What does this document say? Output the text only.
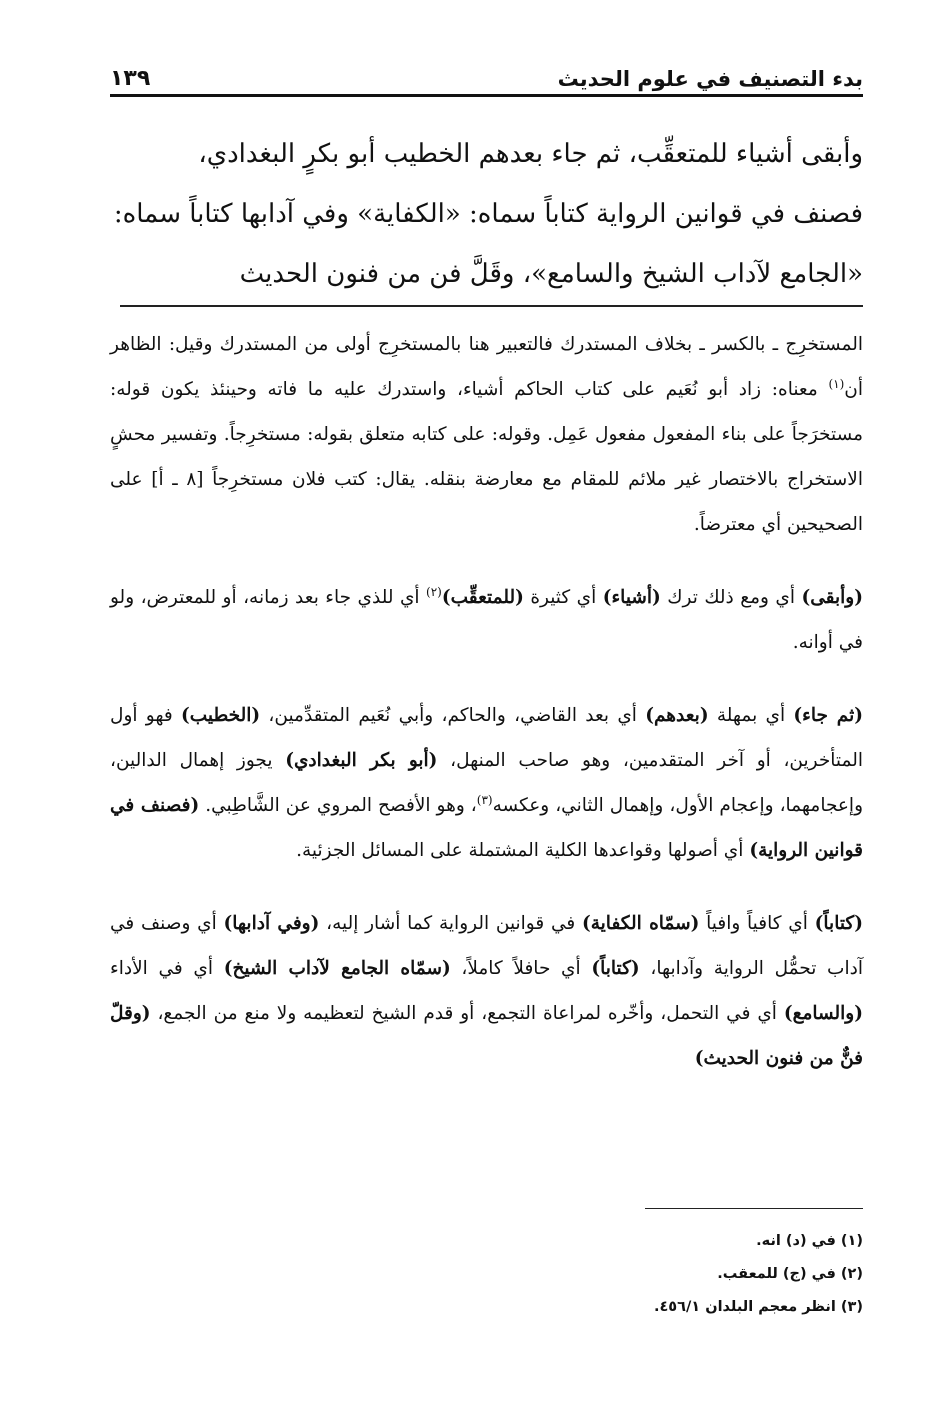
بدء التصنيف في علوم الحديث
١٣٩

وأبقى أشياء للمتعقِّب، ثم جاء بعدهم الخطيب أبو بكرٍ البغدادي،

فصنف في قوانين الرواية كتاباً سماه: «الكفاية» وفي آدابها كتاباً سماه:

«الجامع لآداب الشيخ والسامع»، وقَلَّ فن من فنون الحديث

المستخرِج ـ بالكسر ـ بخلاف المستدرك فالتعبير هنا بالمستخرِج أولى من المستدرك وقيل: الظاهر أن$^{(١)}$ معناه: زاد أبو نُعَيم على كتاب الحاكم أشياء، واستدرك عليه ما فاته وحينئذ يكون قوله: مستخرَجاً على بناء المفعول مفعول عَمِل. وقوله: على كتابه متعلق بقوله: مستخرِجاً. وتفسير محشٍ الاستخراج بالاختصار غير ملائم للمقام مع معارضة بنقله. يقال: كتب فلان مستخرِجاً [٨ ـ أ] على الصحيحين أي معترضاً.

(وأبقى) أي ومع ذلك ترك (أشياء) أي كثيرة (للمتعقِّب)$^{(٢)}$ أي للذي جاء بعد زمانه، أو للمعترض، ولو في أوانه.

(ثم جاء) أي بمهلة (بعدهم) أي بعد القاضي، والحاكم، وأبي نُعَيم المتقدِّمين، (الخطيب) فهو أول المتأخرين، أو آخر المتقدمين، وهو صاحب المنهل، (أبو بكر البغدادي) يجوز إهمال الدالين، وإعجامهما، وإعجام الأول، وإهمال الثاني، وعكسه$^{(٣)}$، وهو الأفصح المروي عن الشَّاطِبي. (فصنف في قوانين الرواية) أي أصولها وقواعدها الكلية المشتملة على المسائل الجزئية.

(كتاباً) أي كافياً وافياً (سمّاه الكفاية) في قوانين الرواية كما أشار إليه، (وفي آدابها) أي وصنف في آداب تحمُّل الرواية وآدابها، (كتاباً) أي حافلاً كاملاً، (سمّاه الجامع لآداب الشيخ) أي في الأداء (والسامع) أي في التحمل، وأخّره لمراعاة التجمع، أو قدم الشيخ لتعظيمه ولا منع من الجمع، (وقلّ فنٌّ من فنون الحديث)

(١) في (د) انه.

(٢) في (ج) للمعقب.

(٣) انظر معجم البلدان ٤٥٦/١.
